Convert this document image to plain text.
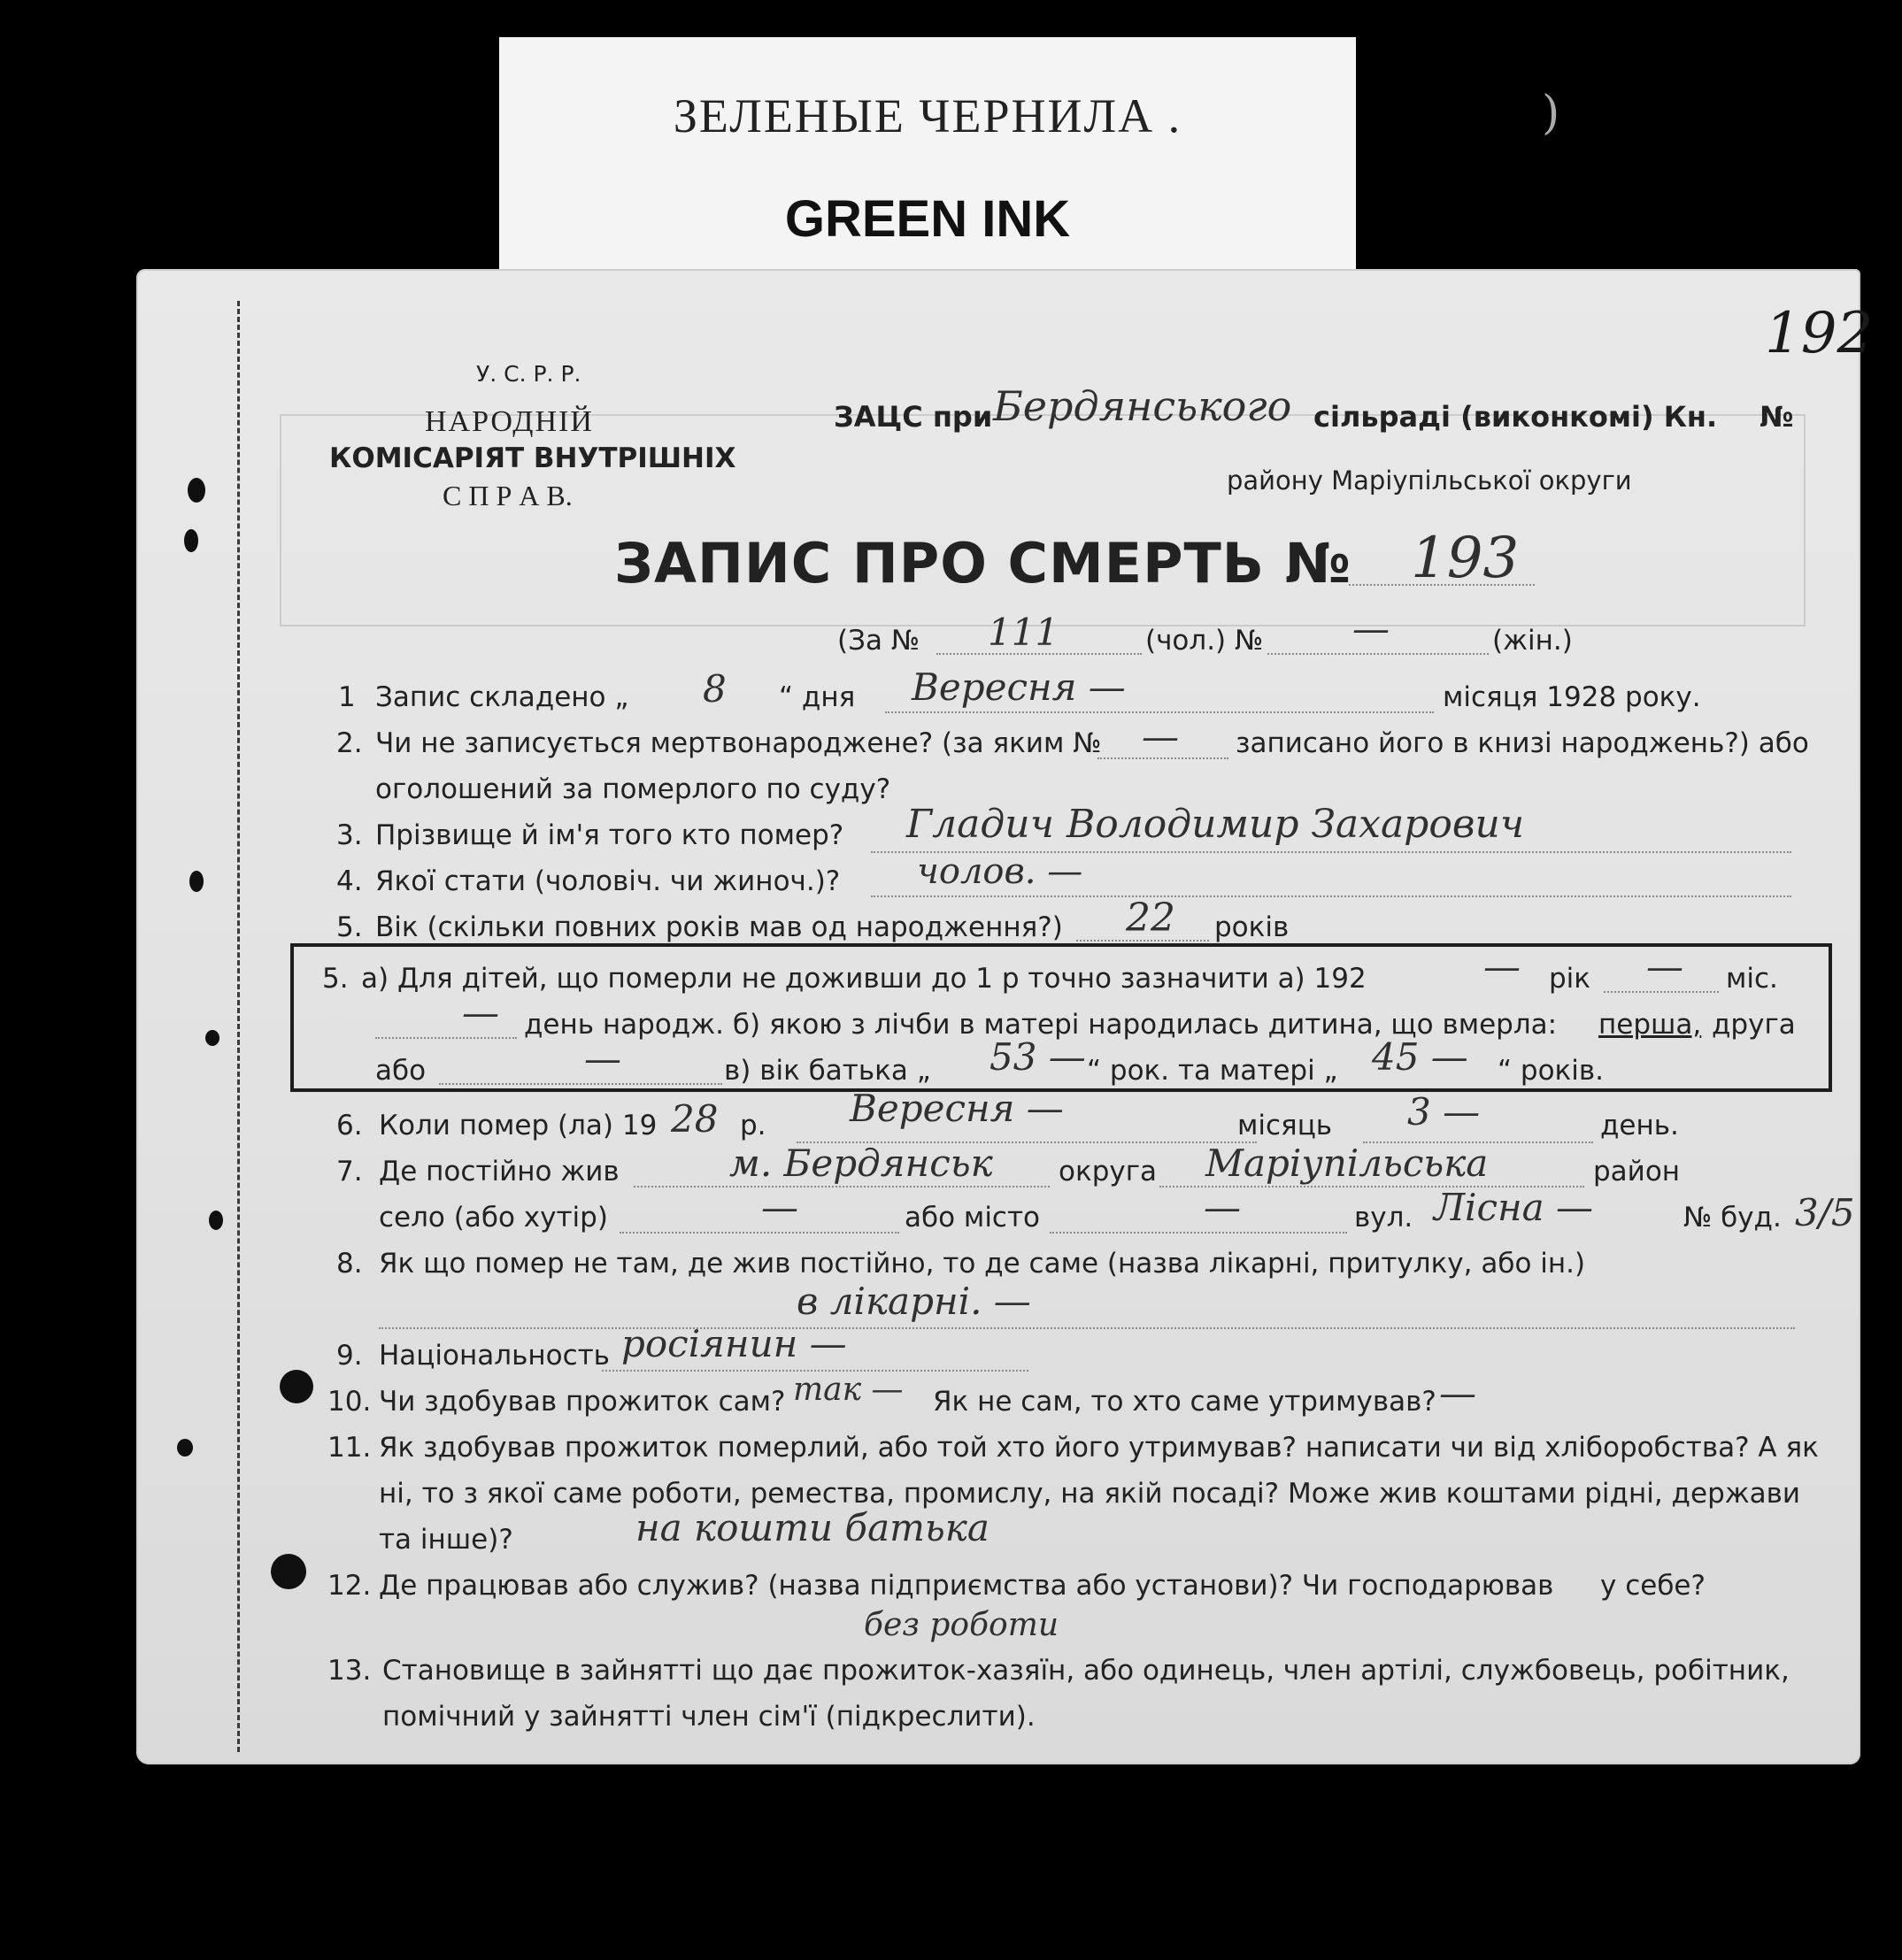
ЗЕЛЕНЫЕ ЧЕРНИЛА .
GREEN INK
)
192
У. С. Р. Р.
НАРОДНІЙ
КОМІСАРІЯТ ВНУТРІШНІХ
С П Р А В.
ЗАЦС при Бердянського сільраді (виконкомі) Кн. №
району Маріупільської округи
ЗАПИС ПРО СМЕРТЬ № 193
(За № 111	(чол.) № —	(жін.)
1 Запис складено „ 8 “ дня Вересня —	місяця 1928 року.
2. Чи не записується мертвонароджене? (за яким № — записано його в книзі народжень?) або
оголошений за померлого по суду?
3. Прізвище й ім'я того кто помер? Гладич Володимир Захарович
4. Якої стати (чоловіч. чи жиноч.)? чолов. —
5. Вік (скільки повних років мав од народження?) 22 років
5. а) Для дітей, що померли не доживши до 1 р точно зазначити а) 192	— рік — міс.
— день народж. б) якою з лічби в матері народилась дитина, що вмерла: перша, друга
або	—	в) вік батька „ 53 — “ рок. та матері „ 45 — “ років.
6. Коли помер (ла) 19 28 р. Вересня —	місяць 3 —	день.
7. Де постійно жив	м. Бердянськ округа Маріупільська	район
село (або хутір)	—	або місто	—	вул. Лісна —	№ буд. 3/5
8. Як що помер не там, де жив постійно, то де саме (назва лікарні, притулку, або ін.)
в лікарні. —
9. Національность росіянин —
10. Чи здобував прожиток сам? так — Як не сам, то хто саме утримував? —
11. Як здобував прожиток померлий, або той хто його утримував? написати чи від хліборобства? А як
ні, то з якої саме роботи, ремества, промислу, на якій посаді? Може жив коштами рідні, держави
та інше)?	на кошти батька
12. Де працював або служив? (назва підприємства або установи)? Чи господарював у себе?
без роботи
13. Становище в зайнятті що дає прожиток-хазяїн, або одинець, член артілі, службовець, робітник,
помічний у зайнятті член сім'ї (підкреслити).
